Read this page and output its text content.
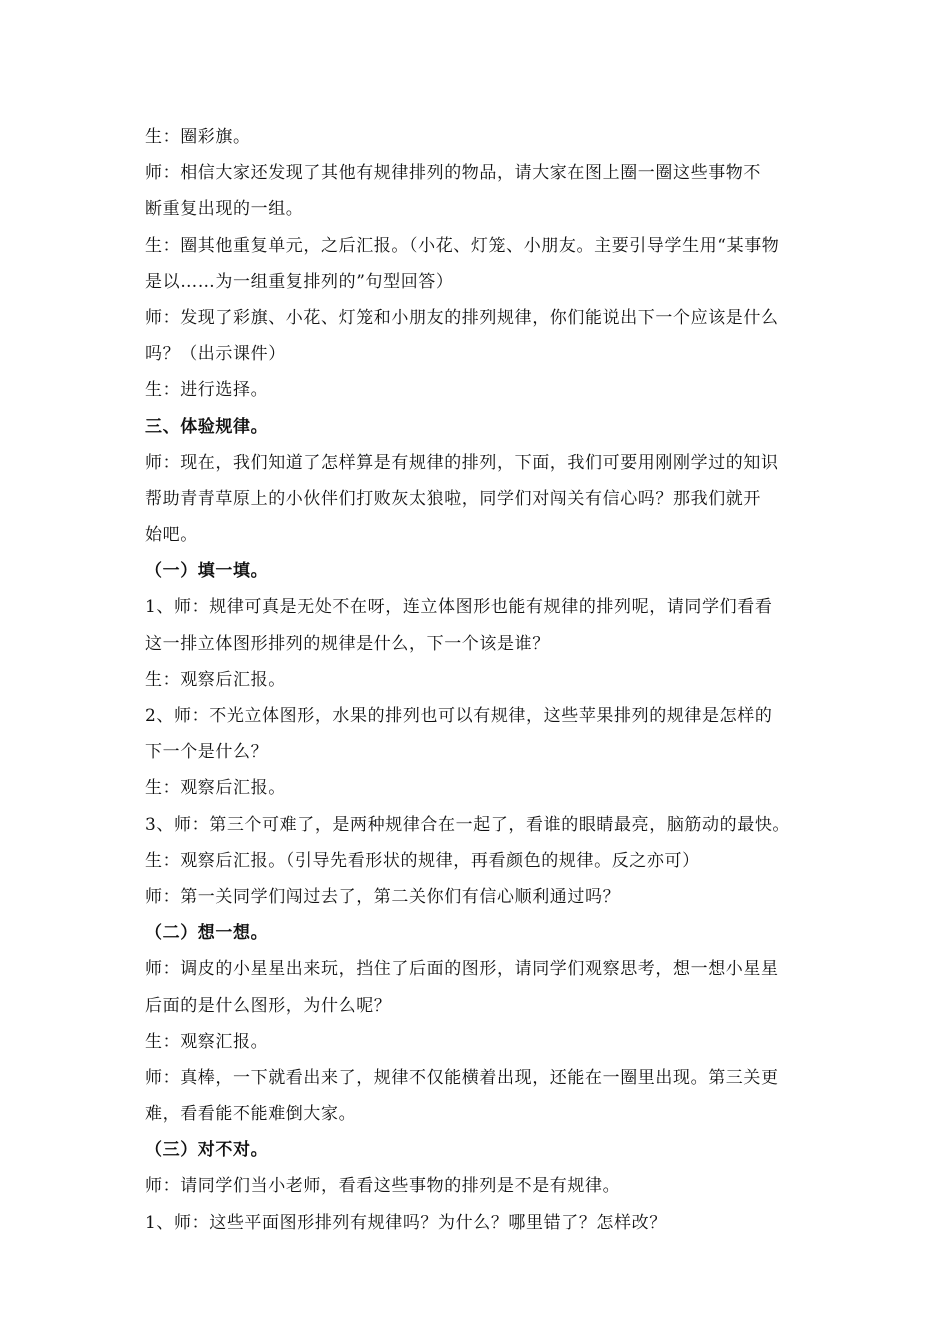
生：圈彩旗。
师：相信大家还发现了其他有规律排列的物品，请大家在图上圈一圈这些事物不
断重复出现的一组。
生：圈其他重复单元，之后汇报。（小花、灯笼、小朋友。主要引导学生用“某事物
是以……为一组重复排列的”句型回答）
师：发现了彩旗、小花、灯笼和小朋友的排列规律，你们能说出下一个应该是什么
吗？（出示课件）
生：进行选择。
三、体验规律。
师：现在，我们知道了怎样算是有规律的排列，下面，我们可要用刚刚学过的知识
帮助青青草原上的小伙伴们打败灰太狼啦，同学们对闯关有信心吗？那我们就开
始吧。
（一）填一填。
1、师：规律可真是无处不在呀，连立体图形也能有规律的排列呢，请同学们看看
这一排立体图形排列的规律是什么，下一个该是谁？
生：观察后汇报。
2、师：不光立体图形，水果的排列也可以有规律，这些苹果排列的规律是怎样的
下一个是什么？
生：观察后汇报。
3、师：第三个可难了，是两种规律合在一起了，看谁的眼睛最亮，脑筋动的最快。
生：观察后汇报。（引导先看形状的规律，再看颜色的规律。反之亦可）
师：第一关同学们闯过去了，第二关你们有信心顺利通过吗？
（二）想一想。
师：调皮的小星星出来玩，挡住了后面的图形，请同学们观察思考，想一想小星星
后面的是什么图形，为什么呢？
生：观察汇报。
师：真棒，一下就看出来了，规律不仅能横着出现，还能在一圈里出现。第三关更
难，看看能不能难倒大家。
（三）对不对。
师：请同学们当小老师，看看这些事物的排列是不是有规律。
1、师：这些平面图形排列有规律吗？为什么？哪里错了？怎样改？
